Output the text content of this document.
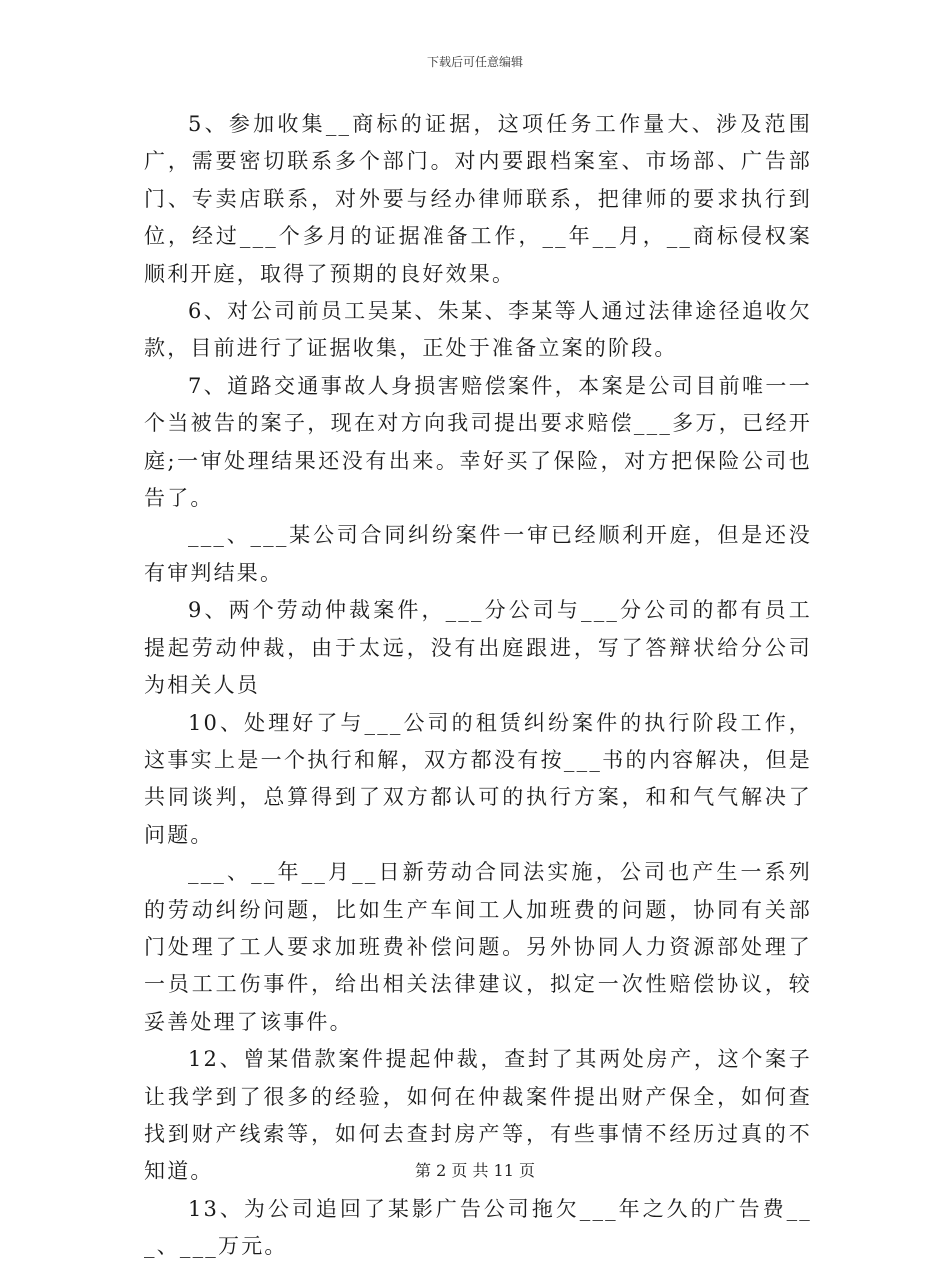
下载后可任意编辑

5、参加收集__商标的证据，这项任务工作量大、涉及范围广，需要密切联系多个部门。对内要跟档案室、市场部、广告部门、专卖店联系，对外要与经办律师联系，把律师的要求执行到位，经过___个多月的证据准备工作，__年__月，__商标侵权案顺利开庭，取得了预期的良好效果。

6、对公司前员工吴某、朱某、李某等人通过法律途径追收欠款，目前进行了证据收集，正处于准备立案的阶段。

7、道路交通事故人身损害赔偿案件，本案是公司目前唯一一个当被告的案子，现在对方向我司提出要求赔偿___多万，已经开庭;一审处理结果还没有出来。幸好买了保险，对方把保险公司也告了。

___、___某公司合同纠纷案件一审已经顺利开庭，但是还没有审判结果。

9、两个劳动仲裁案件，___分公司与___分公司的都有员工提起劳动仲裁，由于太远，没有出庭跟进，写了答辩状给分公司为相关人员

10、处理好了与___公司的租赁纠纷案件的执行阶段工作，这事实上是一个执行和解，双方都没有按___书的内容解决，但是共同谈判，总算得到了双方都认可的执行方案，和和气气解决了问题。

___、__年__月__日新劳动合同法实施，公司也产生一系列的劳动纠纷问题，比如生产车间工人加班费的问题，协同有关部门处理了工人要求加班费补偿问题。另外协同人力资源部处理了一员工工伤事件，给出相关法律建议，拟定一次性赔偿协议，较妥善处理了该事件。

12、曾某借款案件提起仲裁，查封了其两处房产，这个案子让我学到了很多的经验，如何在仲裁案件提出财产保全，如何查找到财产线索等，如何去查封房产等，有些事情不经历过真的不知道。

13、为公司追回了某影广告公司拖欠___年之久的广告费___、___万元。

第 2 页 共 11 页
